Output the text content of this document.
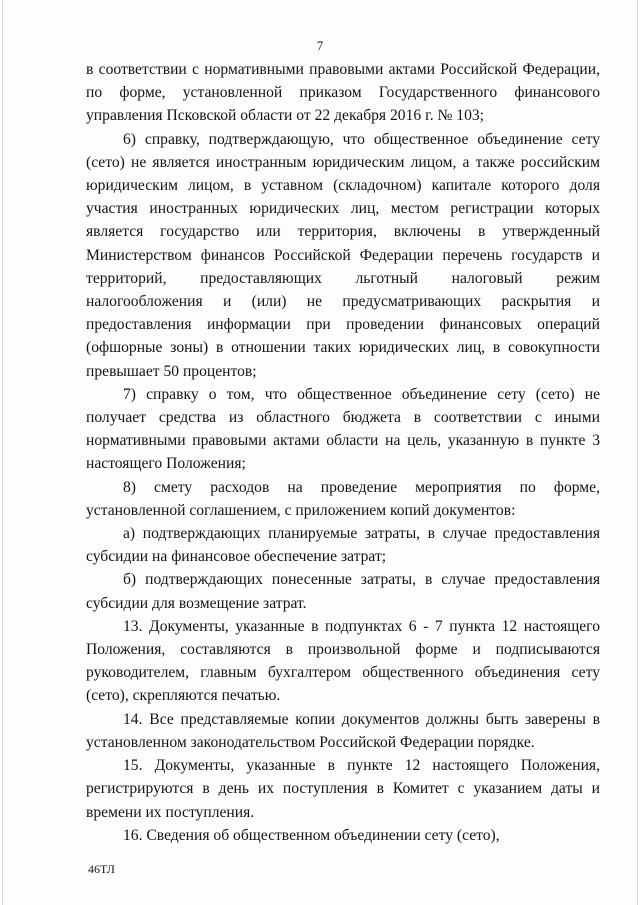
7

в соответствии с нормативными правовыми актами Российской Федерации, по форме, установленной приказом Государственного финансового управления Псковской области от 22 декабря 2016 г. № 103;

6) справку, подтверждающую, что общественное объединение сету (сето) не является иностранным юридическим лицом, а также российским юридическим лицом, в уставном (складочном) капитале которого доля участия иностранных юридических лиц, местом регистрации которых является государство или территория, включены в утвержденный Министерством финансов Российской Федерации перечень государств и территорий, предоставляющих льготный налоговый режим налогообложения и (или) не предусматривающих раскрытия и предоставления информации при проведении финансовых операций (офшорные зоны) в отношении таких юридических лиц, в совокупности превышает 50 процентов;

7) справку о том, что общественное объединение сету (сето) не получает средства из областного бюджета в соответствии с иными нормативными правовыми актами области на цель, указанную в пункте 3 настоящего Положения;

8) смету расходов на проведение мероприятия по форме, установленной соглашением, с приложением копий документов:

а) подтверждающих планируемые затраты, в случае предоставления субсидии на финансовое обеспечение затрат;

б) подтверждающих понесенные затраты, в случае предоставления субсидии для возмещение затрат.

13. Документы, указанные в подпунктах 6 - 7 пункта 12 настоящего Положения, составляются в произвольной форме и подписываются руководителем, главным бухгалтером общественного объединения сету (сето), скрепляются печатью.

14. Все представляемые копии документов должны быть заверены в установленном законодательством Российской Федерации порядке.

15. Документы, указанные в пункте 12 настоящего Положения, регистрируются в день их поступления в Комитет с указанием даты и времени их поступления.

16. Сведения об общественном объединении сету (сето),

46ТЛ
